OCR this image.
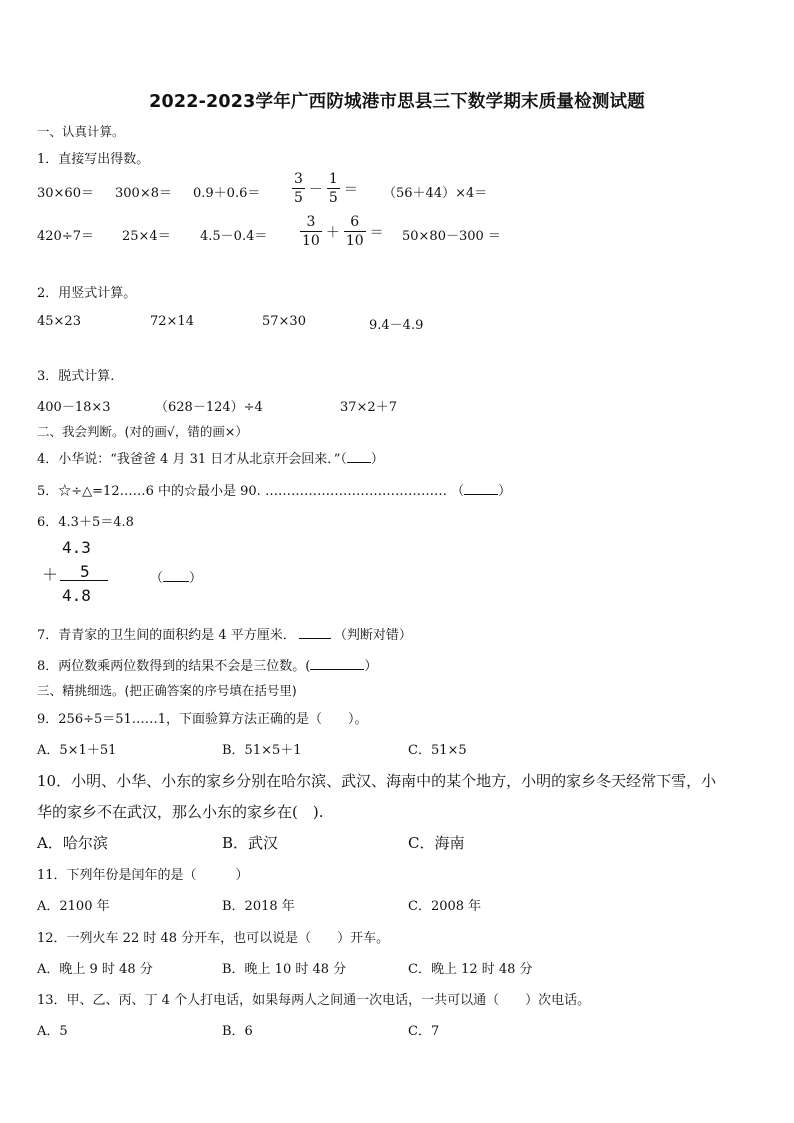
2022-2023学年广西防城港市思县三下数学期末质量检测试题
一、认真计算。
1．直接写出得数。
$30\times 60= 300\times 8= 0.9+0.6= \frac{3}{5} - \frac{1}{5} = (56+44)\times 4=$
$420\div 7= 25\times 4= 4.5-0.4= \frac{3}{10} + \frac{6}{10} = 50\times 80-300$ ＝
2．用竖式计算。
45×23	72×14	57×30	9.4－4.9
3．脱式计算.
400－18×3	（628－124）÷4	37×2＋7
二、我会判断。(对的画√，错的画×）
4．小华说：“我爸爸 4 月 31 日才从北京开会回来．”（ ）
5．☆÷△=12……6 中的☆最小是 90. …………………………………… （	）
6．4.3＋5＝4.8
4.3
＋ 5
4.8
（ ）
7．青青家的卫生间的面积约是 4 平方厘米．	（判断对错）
8．两位数乘两位数得到的结果不会是三位数。(	）
三、精挑细选。(把正确答案的序号填在括号里)
9．256÷5＝51……1，下面验算方法正确的是（　　）。
A．5×1＋51	B．51×5＋1	C．51×5
10．小明、小华、小东的家乡分别在哈尔滨、武汉、海南中的某个地方，小明的家乡冬天经常下雪，小
华的家乡不在武汉，那么小东的家乡在(　).
A．哈尔滨	B．武汉	C．海南
11．下列年份是闰年的是（　　　）
A．2100 年	B．2018 年	C．2008 年
12．一列火车 22 时 48 分开车，也可以说是（　　）开车。
A．晚上 9 时 48 分	B．晚上 10 时 48 分	C．晚上 12 时 48 分
13．甲、乙、丙、丁 4 个人打电话，如果每两人之间通一次电话，一共可以通（　　）次电话。
A．5	B．6	C．7
